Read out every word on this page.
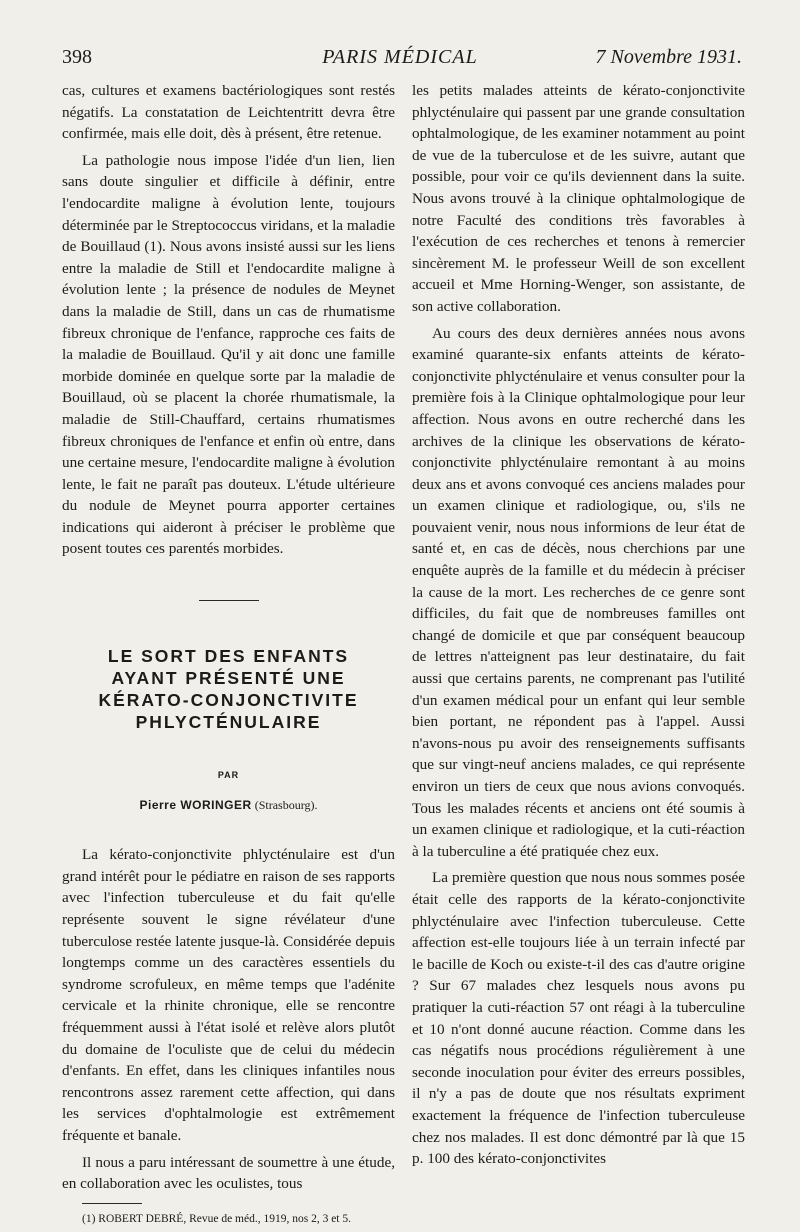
398	PARIS MÉDICAL	7 Novembre 1931.

cas, cultures et examens bactériologiques sont restés négatifs. La constatation de Leichtentritt devra être confirmée, mais elle doit, dès à présent, être retenue.

La pathologie nous impose l'idée d'un lien, lien sans doute singulier et difficile à définir, entre l'endocardite maligne à évolution lente, toujours déterminée par le Streptococcus viridans, et la maladie de Bouillaud (1). Nous avons insisté aussi sur les liens entre la maladie de Still et l'endocardite maligne à évolution lente ; la présence de nodules de Meynet dans la maladie de Still, dans un cas de rhumatisme fibreux chronique de l'enfance, rapproche ces faits de la maladie de Bouillaud. Qu'il y ait donc une famille morbide dominée en quelque sorte par la maladie de Bouillaud, où se placent la chorée rhumatismale, la maladie de Still-Chauffard, certains rhumatismes fibreux chroniques de l'enfance et enfin où entre, dans une certaine mesure, l'endocardite maligne à évolution lente, le fait ne paraît pas douteux. L'étude ultérieure du nodule de Meynet pourra apporter certaines indications qui aideront à préciser le problème que posent toutes ces parentés morbides.

LE SORT DES ENFANTS
AYANT PRÉSENTÉ UNE
KÉRATO-CONJONCTIVITE
PHLYCTÉNULAIRE
PAR
Pierre WORINGER (Strasbourg).

La kérato-conjonctivite phlycténulaire est d'un grand intérêt pour le pédiatre en raison de ses rapports avec l'infection tuberculeuse et du fait qu'elle représente souvent le signe révélateur d'une tuberculose restée latente jusque-là. Considérée depuis longtemps comme un des caractères essentiels du syndrome scrofuleux, en même temps que l'adénite cervicale et la rhinite chronique, elle se rencontre fréquemment aussi à l'état isolé et relève alors plutôt du domaine de l'oculiste que de celui du médecin d'enfants. En effet, dans les cliniques infantiles nous rencontrons assez rarement cette affection, qui dans les services d'ophtalmologie est extrêmement fréquente et banale.

Il nous a paru intéressant de soumettre à une étude, en collaboration avec les oculistes, tous

(1) ROBERT DEBRÉ, Revue de méd., 1919, nos 2, 3 et 5.

les petits malades atteints de kérato-conjonctivite phlycténulaire qui passent par une grande consultation ophtalmologique, de les examiner notamment au point de vue de la tuberculose et de les suivre, autant que possible, pour voir ce qu'ils deviennent dans la suite. Nous avons trouvé à la clinique ophtalmologique de notre Faculté des conditions très favorables à l'exécution de ces recherches et tenons à remercier sincèrement M. le professeur Weill de son excellent accueil et Mme Horning-Wenger, son assistante, de son active collaboration.

Au cours des deux dernières années nous avons examiné quarante-six enfants atteints de kérato-conjonctivite phlycténulaire et venus consulter pour la première fois à la Clinique ophtalmologique pour leur affection. Nous avons en outre recherché dans les archives de la clinique les observations de kérato-conjonctivite phlycténulaire remontant à au moins deux ans et avons convoqué ces anciens malades pour un examen clinique et radiologique, ou, s'ils ne pouvaient venir, nous nous informions de leur état de santé et, en cas de décès, nous cherchions par une enquête auprès de la famille et du médecin à préciser la cause de la mort. Les recherches de ce genre sont difficiles, du fait que de nombreuses familles ont changé de domicile et que par conséquent beaucoup de lettres n'atteignent pas leur destinataire, du fait aussi que certains parents, ne comprenant pas l'utilité d'un examen médical pour un enfant qui leur semble bien portant, ne répondent pas à l'appel. Aussi n'avons-nous pu avoir des renseignements suffisants que sur vingt-neuf anciens malades, ce qui représente environ un tiers de ceux que nous avions convoqués. Tous les malades récents et anciens ont été soumis à un examen clinique et radiologique, et la cuti-réaction à la tuberculine a été pratiquée chez eux.

La première question que nous nous sommes posée était celle des rapports de la kérato-conjonctivite phlycténulaire avec l'infection tuberculeuse. Cette affection est-elle toujours liée à un terrain infecté par le bacille de Koch ou existe-t-il des cas d'autre origine ? Sur 67 malades chez lesquels nous avons pu pratiquer la cuti-réaction 57 ont réagi à la tuberculine et 10 n'ont donné aucune réaction. Comme dans les cas négatifs nous procédions régulièrement à une seconde inoculation pour éviter des erreurs possibles, il n'y a pas de doute que nos résultats expriment exactement la fréquence de l'infection tuberculeuse chez nos malades. Il est donc démontré par là que 15 p. 100 des kérato-conjonctivites
